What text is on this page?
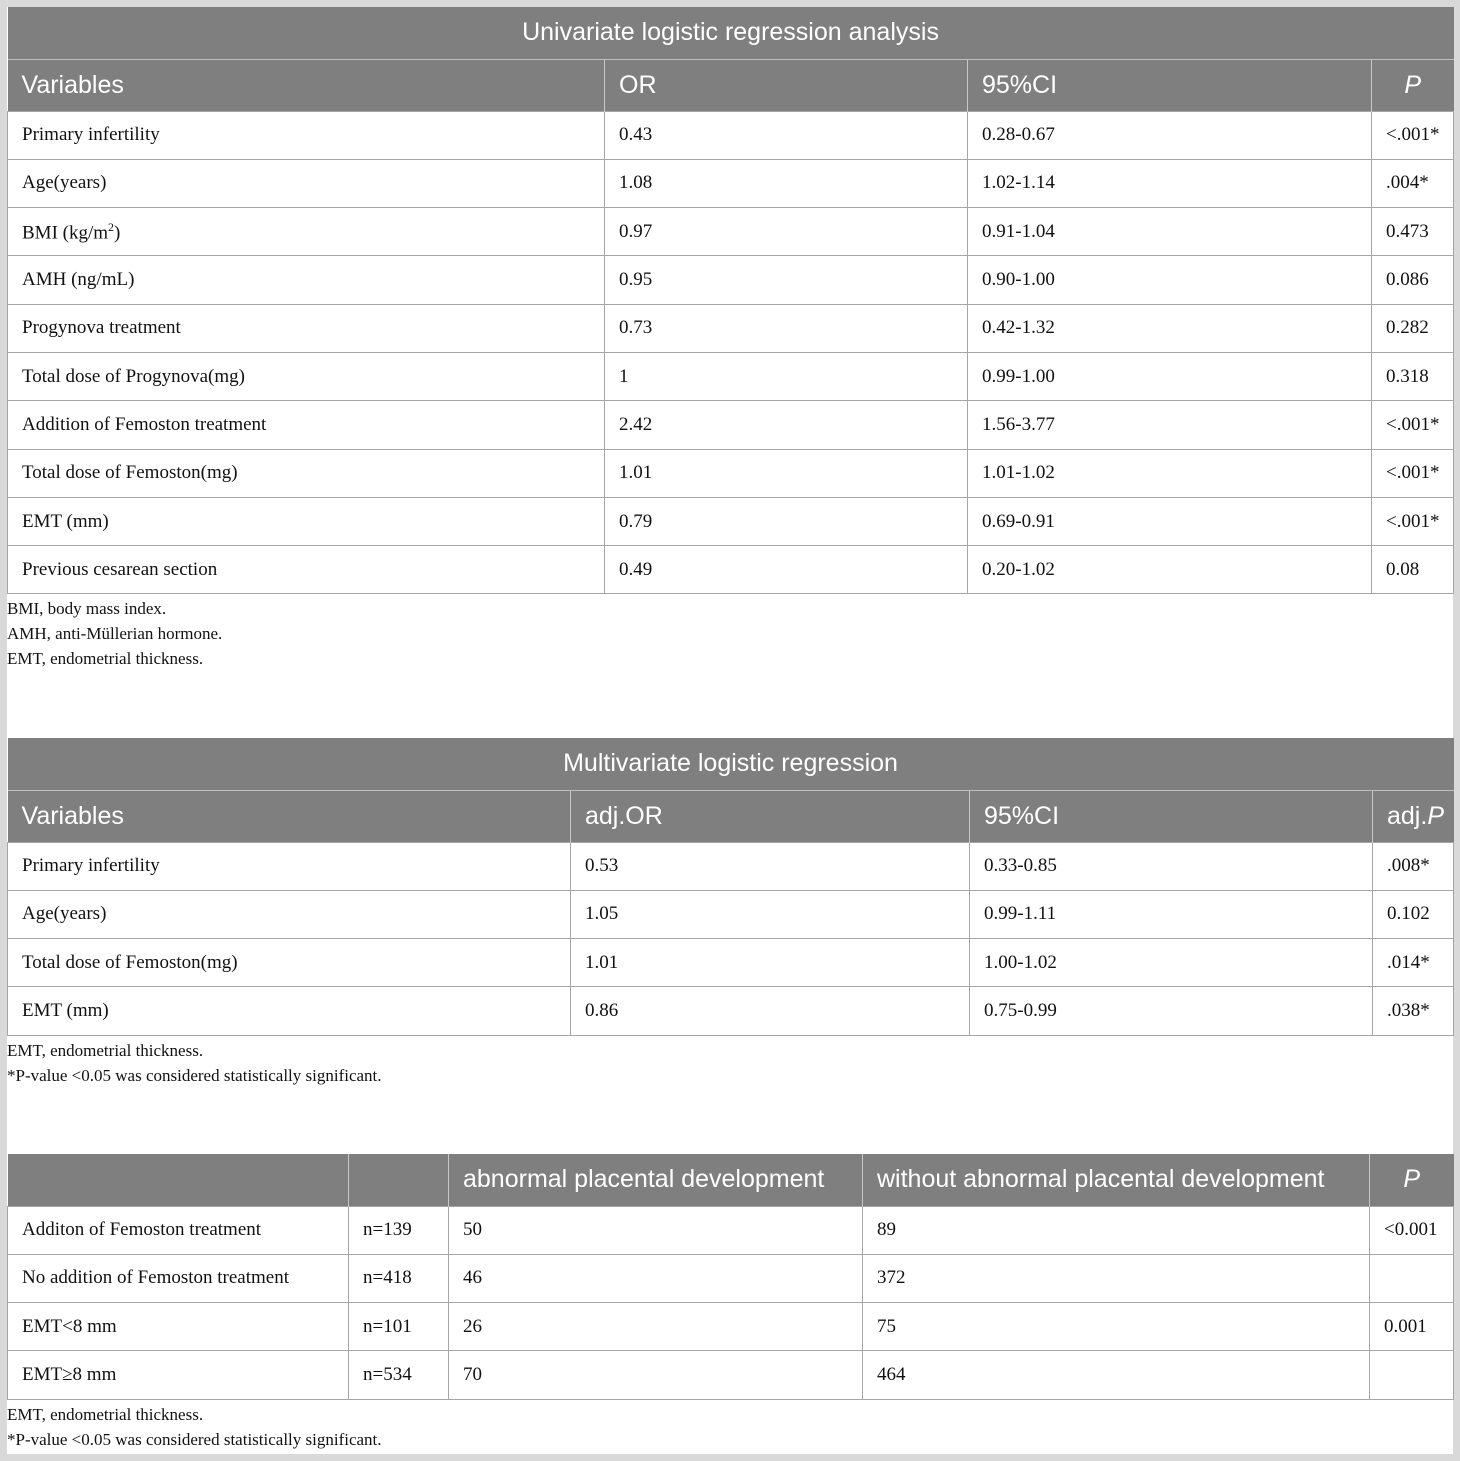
Univariate logistic regression analysis			
Variables	OR	95%CI	P
Primary infertility	0.43	0.28-0.67	<.001*
Age(years)	1.08	1.02-1.14	.004*
BMI $(kg/m^2)$	0.97	0.91-1.04	0.473
AMH (ng/mL)	0.95	0.90-1.00	0.086
Progynova treatment	0.73	0.42-1.32	0.282
Total dose of Progynova(mg)	1	0.99-1.00	0.318
Addition of Femoston treatment	2.42	1.56-3.77	<.001*
Total dose of Femoston(mg)	1.01	1.01-1.02	<.001*
EMT (mm)	0.79	0.69-0.91	<.001*
Previous cesarean section	0.49	0.20-1.02	0.08
BMI, body mass index.
AMH, anti-Müllerian hormone.
EMT, endometrial thickness.
Multivariate logistic regression			
Variables	adj.OR	95%CI	adj.P
Primary infertility	0.53	0.33-0.85	.008*
Age(years)	1.05	0.99-1.11	0.102
Total dose of Femoston(mg)	1.01	1.00-1.02	.014*
EMT (mm)	0.86	0.75-0.99	.038*
EMT, endometrial thickness.
*P-value <0.05 was considered statistically significant.
		abnormal placental development	without abnormal placental development	P
Additon of Femoston treatment	n=139	50	89	<0.001
No addition of Femoston treatment	n=418	46	372	
EMT<8 mm	n=101	26	75	0.001
EMT≥8 mm	n=534	70	464	
EMT, endometrial thickness.
*P-value <0.05 was considered statistically significant.
